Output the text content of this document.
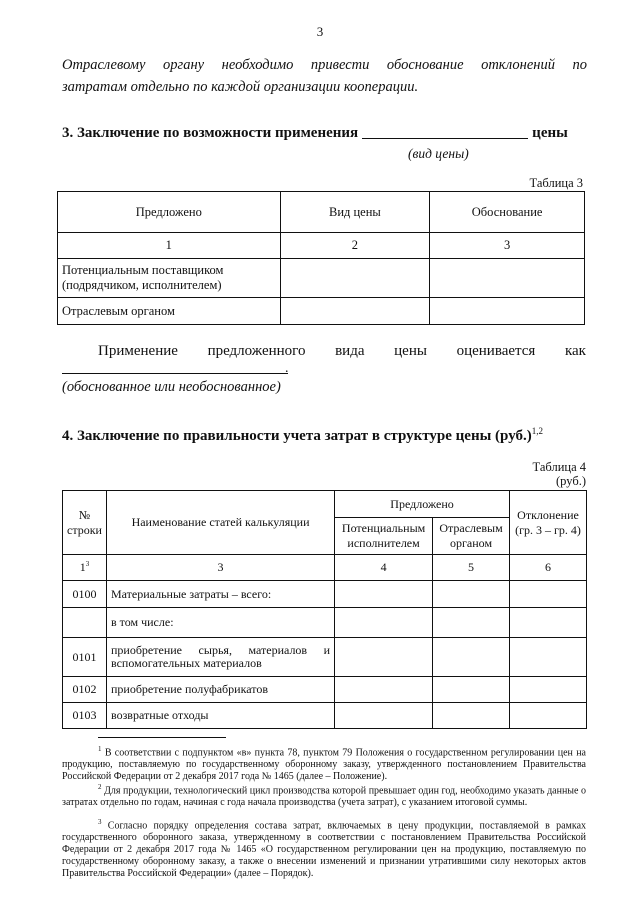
3
Отраслевому органу необходимо привести обоснование отклонений по
затратам отдельно по каждой организации кооперации.
3. Заключение по возможности применения	цены
(вид цены)
Таблица 3
Предложено	Вид цены	Обоснование
1	2	3
Потенциальным поставщиком (подрядчиком, исполнителем)		
Отраслевым органом		
Применение предложенного вида цены оценивается как
.
(обоснованное или необоснованное)
4. Заключение по правильности учета затрат в структуре цены $(руб.)^{1,2}$
Таблица 4
(руб.)
№ строки	Наименование статей калькуляции	Предложено		Отклонение (гр. 3 – гр. 4)
		Потенциальным исполнителем	Отраслевым органом	
$1^3$	3	4	5	6
0100	Материальные затраты – всего:			
	в том числе:			
0101	приобретение сырья, материалов и вспомогательных материалов			
0102	приобретение полуфабрикатов			
0103	возвратные отходы			
$^1$ В соответствии с подпунктом «в» пункта 78, пунктом 79 Положения о государственном регулировании цен на продукцию, поставляемую по государственному оборонному заказу, утвержденного постановлением Правительства Российской Федерации от 2 декабря 2017 года № 1465 (далее – Положение).
$^2$ Для продукции, технологический цикл производства которой превышает один год, необходимо указать данные о затратах отдельно по годам, начиная с года начала производства (учета затрат), с указанием итоговой суммы.
$^3$ Согласно порядку определения состава затрат, включаемых в цену продукции, поставляемой в рамках государственного оборонного заказа, утвержденному в соответствии с постановлением Правительства Российской Федерации от 2 декабря 2017 года № 1465 «О государственном регулировании цен на продукцию, поставляемую по государственному оборонному заказу, а также о внесении изменений и признании утратившими силу некоторых актов Правительства Российской Федерации» (далее – Порядок).
